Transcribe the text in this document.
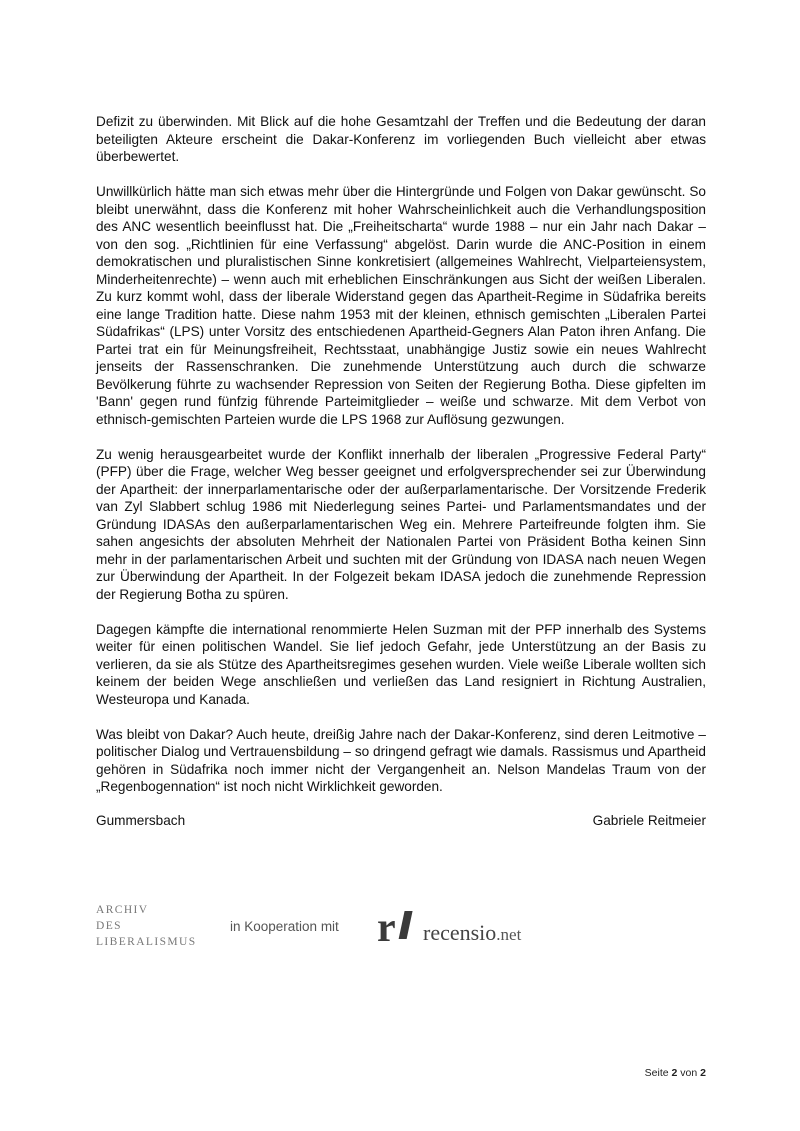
Defizit zu überwinden. Mit Blick auf die hohe Gesamtzahl der Treffen und die Bedeutung der daran beteiligten Akteure erscheint die Dakar-Konferenz im vorliegenden Buch vielleicht aber etwas überbewertet.

Unwillkürlich hätte man sich etwas mehr über die Hintergründe und Folgen von Dakar gewünscht. So bleibt unerwähnt, dass die Konferenz mit hoher Wahrscheinlichkeit auch die Verhandlungsposition des ANC wesentlich beeinflusst hat. Die „Freiheitscharta“ wurde 1988 – nur ein Jahr nach Dakar – von den sog. „Richtlinien für eine Verfassung“ abgelöst. Darin wurde die ANC-Position in einem demokratischen und pluralistischen Sinne konkretisiert (allgemeines Wahlrecht, Vielparteiensystem, Minderheitenrechte) – wenn auch mit erheblichen Einschränkungen aus Sicht der weißen Liberalen. Zu kurz kommt wohl, dass der liberale Widerstand gegen das Apartheit-Regime in Südafrika bereits eine lange Tradition hatte. Diese nahm 1953 mit der kleinen, ethnisch gemischten „Liberalen Partei Südafrikas“ (LPS) unter Vorsitz des entschiedenen Apartheid-Gegners Alan Paton ihren Anfang. Die Partei trat ein für Meinungsfreiheit, Rechtsstaat, unabhängige Justiz sowie ein neues Wahlrecht jenseits der Rassenschranken. Die zunehmende Unterstützung auch durch die schwarze Bevölkerung führte zu wachsender Repression von Seiten der Regierung Botha. Diese gipfelten im 'Bann' gegen rund fünfzig führende Parteimitglieder – weiße und schwarze. Mit dem Verbot von ethnisch-gemischten Parteien wurde die LPS 1968 zur Auflösung gezwungen.

Zu wenig herausgearbeitet wurde der Konflikt innerhalb der liberalen „Progressive Federal Party“ (PFP) über die Frage, welcher Weg besser geeignet und erfolgversprechender sei zur Überwindung der Apartheit: der innerparlamentarische oder der außerparlamentarische. Der Vorsitzende Frederik van Zyl Slabbert schlug 1986 mit Niederlegung seines Partei- und Parlamentsmandates und der Gründung IDASAs den außerparlamentarischen Weg ein. Mehrere Parteifreunde folgten ihm. Sie sahen angesichts der absoluten Mehrheit der Nationalen Partei von Präsident Botha keinen Sinn mehr in der parlamentarischen Arbeit und suchten mit der Gründung von IDASA nach neuen Wegen zur Überwindung der Apartheit. In der Folgezeit bekam IDASA jedoch die zunehmende Repression der Regierung Botha zu spüren.

Dagegen kämpfte die international renommierte Helen Suzman mit der PFP innerhalb des Systems weiter für einen politischen Wandel. Sie lief jedoch Gefahr, jede Unterstützung an der Basis zu verlieren, da sie als Stütze des Apartheitsregimes gesehen wurden. Viele weiße Liberale wollten sich keinem der beiden Wege anschließen und verließen das Land resigniert in Richtung Australien, Westeuropa und Kanada.

Was bleibt von Dakar? Auch heute, dreißig Jahre nach der Dakar-Konferenz, sind deren Leitmotive – politischer Dialog und Vertrauensbildung – so dringend gefragt wie damals. Rassismus und Apartheid gehören in Südafrika noch immer nicht der Vergangenheit an. Nelson Mandelas Traum von der „Regenbogennation“ ist noch nicht Wirklichkeit geworden.

Gummersbach	Gabriele Reitmeier
ARCHIV
DES
LIBERALISMUS
in Kooperation mit r recensio.net
Seite 2 von 2
